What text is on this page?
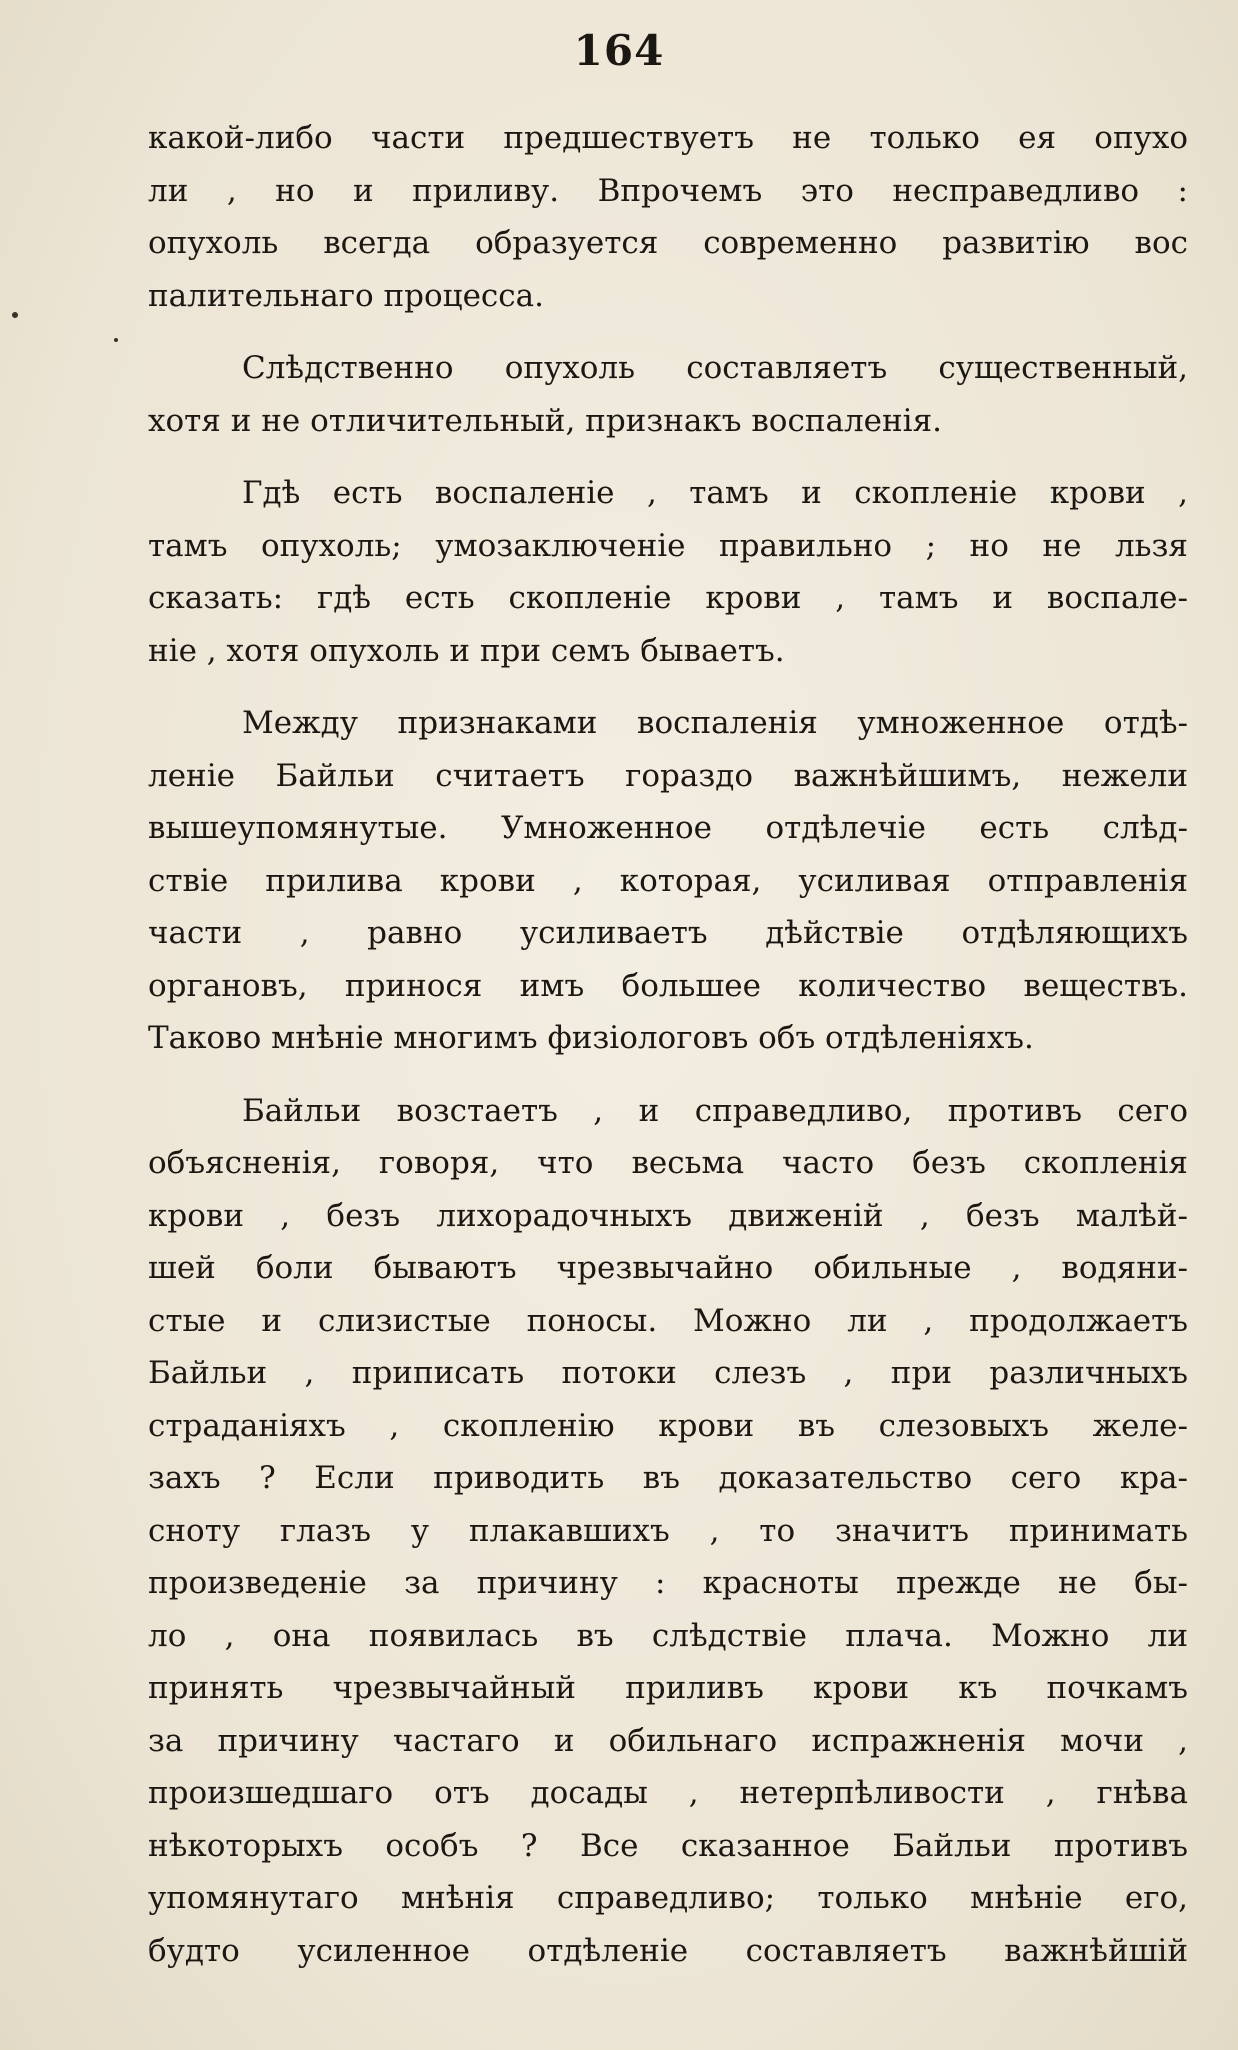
164
какой-либо части предшествуетъ не только ея опухо
ли , но и приливу. Впрочемъ это несправедливо :
опухоль всегда образуется современно развитію вос
палительнаго процесса.
Слѣдственно опухоль составляетъ существенный,
хотя и не отличительный, признакъ воспаленія.
Гдѣ есть воспаленіе , тамъ и скопленіе крови ,
тамъ опухоль; умозаключеніе правильно ; но не льзя
сказать: гдѣ есть скопленіе крови , тамъ и воспале-
ніе , хотя опухоль и при семъ бываетъ.
Между признаками воспаленія умноженное отдѣ-
леніе Байльи считаетъ гораздо важнѣйшимъ, нежели
вышеупомянутые. Умноженное отдѣлечіе есть слѣд-
ствіе прилива крови , которая, усиливая отправленія
части , равно усиливаетъ дѣйствіе отдѣляющихъ
органовъ, принося имъ большее количество веществъ.
Таково мнѣніе многимъ физіологовъ объ отдѣленіяхъ.
Байльи возстаетъ , и справедливо, противъ сего
объясненія, говоря, что весьма часто безъ скопленія
крови , безъ лихорадочныхъ движеній , безъ малѣй-
шей боли бываютъ чрезвычайно обильные , водяни-
стые и слизистые поносы. Можно ли , продолжаетъ
Байльи , приписать потоки слезъ , при различныхъ
страданіяхъ , скопленію крови въ слезовыхъ желе-
захъ ? Если приводить въ доказательство сего кра-
сноту глазъ у плакавшихъ , то значитъ принимать
произведеніе за причину : красноты прежде не бы-
ло , она появилась въ слѣдствіе плача. Можно ли
принять чрезвычайный приливъ крови къ почкамъ
за причину частаго и обильнаго испражненія мочи ,
произшедшаго отъ досады , нетерпѣливости , гнѣва
нѣкоторыхъ особъ ? Все сказанное Байльи противъ
упомянутаго мнѣнія справедливо; только мнѣніе его,
будто усиленное отдѣленіе составляетъ важнѣйшій
